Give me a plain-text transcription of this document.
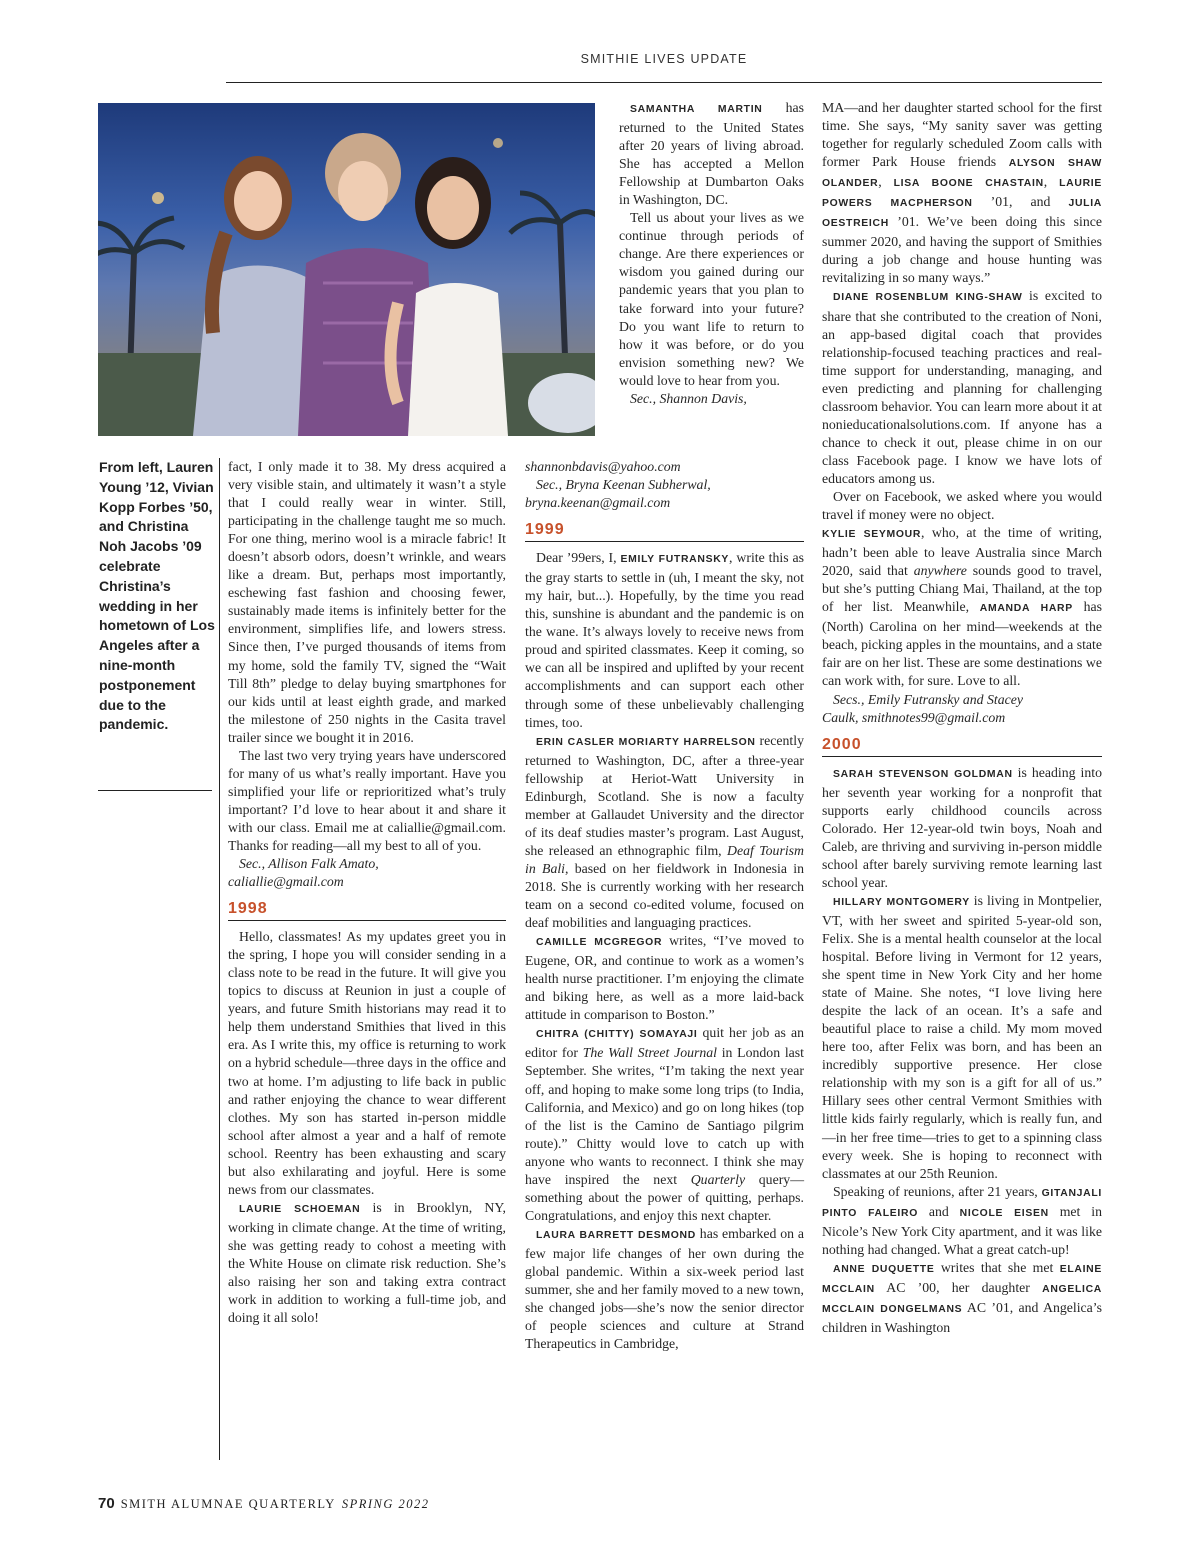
SMITHIE LIVES UPDATE
From left, Lauren Young ’12, Vivian Kopp Forbes ’50, and Christina Noh Jacobs ’09 celebrate Christina’s wedding in her hometown of Los Angeles after a nine-month postponement due to the pandemic.

fact, I only made it to 38. My dress acquired a very visible stain, and ultimately it wasn’t a style that I could really wear in winter. Still, participating in the challenge taught me so much. For one thing, merino wool is a miracle fabric! It doesn’t absorb odors, doesn’t wrinkle, and wears like a dream. But, perhaps most importantly, eschewing fast fashion and choosing fewer, sustainably made items is infinitely better for the environment, simplifies life, and lowers stress. Since then, I’ve purged thousands of items from my home, sold the family TV, signed the “Wait Till 8th” pledge to delay buying smartphones for our kids until at least eighth grade, and marked the milestone of 250 nights in the Casita travel trailer since we bought it in 2016.

The last two very trying years have underscored for many of us what’s really important. Have you simplified your life or reprioritized what’s truly important? I’d love to hear about it and share it with our class. Email me at caliallie@gmail.com. Thanks for reading—all my best to all of you.

Sec., Allison Falk Amato,

caliallie@gmail.com

1998

Hello, classmates! As my updates greet you in the spring, I hope you will consider sending in a class note to be read in the future. It will give you topics to discuss at Reunion in just a couple of years, and future Smith historians may read it to help them understand Smithies that lived in this era. As I write this, my office is returning to work on a hybrid schedule—three days in the office and two at home. I’m adjusting to life back in public and rather enjoying the chance to wear different clothes. My son has started in-person middle school after almost a year and a half of remote school. Reentry has been exhausting and scary but also exhilarating and joyful. Here is some news from our classmates.

LAURIE SCHOEMAN is in Brooklyn, NY, working in climate change. At the time of writing, she was getting ready to cohost a meeting with the White House on climate risk reduction. She’s also raising her son and taking extra contract work in addition to working a full-time job, and doing it all solo!

SAMANTHA MARTIN has returned to the United States after 20 years of living abroad. She has accepted a Mellon Fellowship at Dumbarton Oaks in Washington, DC.

Tell us about your lives as we continue through periods of change. Are there experiences or wisdom you gained during our pandemic years that you plan to take forward into your future? Do you want life to return to how it was before, or do you envision something new? We would love to hear from you.

Sec., Shannon Davis,

shannonbdavis@yahoo.com

Sec., Bryna Keenan Subherwal,

bryna.keenan@gmail.com

1999

Dear ’99ers, I, EMILY FUTRANSKY, write this as the gray starts to settle in (uh, I meant the sky, not my hair, but...). Hopefully, by the time you read this, sunshine is abundant and the pandemic is on the wane. It’s always lovely to receive news from proud and spirited classmates. Keep it coming, so we can all be inspired and uplifted by your recent accomplishments and can support each other through some of these unbelievably challenging times, too.

ERIN CASLER MORIARTY HARRELSON recently returned to Washington, DC, after a three-year fellowship at Heriot-Watt University in Edinburgh, Scotland. She is now a faculty member at Gallaudet University and the director of its deaf studies master’s program. Last August, she released an ethnographic film, Deaf Tourism in Bali, based on her fieldwork in Indonesia in 2018. She is currently working with her research team on a second co-edited volume, focused on deaf mobilities and languaging practices.

CAMILLE MCGREGOR writes, “I’ve moved to Eugene, OR, and continue to work as a women’s health nurse practitioner. I’m enjoying the climate and biking here, as well as a more laid-back attitude in comparison to Boston.”

CHITRA (CHITTY) SOMAYAJI quit her job as an editor for The Wall Street Journal in London last September. She writes, “I’m taking the next year off, and hoping to make some long trips (to India, California, and Mexico) and go on long hikes (top of the list is the Camino de Santiago pilgrim route).” Chitty would love to catch up with anyone who wants to reconnect. I think she may have inspired the next Quarterly query—something about the power of quitting, perhaps. Congratulations, and enjoy this next chapter.

LAURA BARRETT DESMOND has embarked on a few major life changes of her own during the global pandemic. Within a six-week period last summer, she and her family moved to a new town, she changed jobs—she’s now the senior director of people sciences and culture at Strand Therapeutics in Cambridge,

MA—and her daughter started school for the first time. She says, “My sanity saver was getting together for regularly scheduled Zoom calls with former Park House friends ALYSON SHAW OLANDER, LISA BOONE CHASTAIN, LAURIE POWERS MACPHERSON ’01, and JULIA OESTREICH ’01. We’ve been doing this since summer 2020, and having the support of Smithies during a job change and house hunting was revitalizing in so many ways.”

DIANE ROSENBLUM KING-SHAW is excited to share that she contributed to the creation of Noni, an app-based digital coach that provides relationship-focused teaching practices and real-time support for understanding, managing, and even predicting and planning for challenging classroom behavior. You can learn more about it at nonieducationalsolutions.com. If anyone has a chance to check it out, please chime in on our class Facebook page. I know we have lots of educators among us.

Over on Facebook, we asked where you would travel if money were no object.

KYLIE SEYMOUR, who, at the time of writing, hadn’t been able to leave Australia since March 2020, said that anywhere sounds good to travel, but she’s putting Chiang Mai, Thailand, at the top of her list. Meanwhile, AMANDA HARP has (North) Carolina on her mind—weekends at the beach, picking apples in the mountains, and a state fair are on her list. These are some destinations we can work with, for sure. Love to all.

Secs., Emily Futransky and Stacey

Caulk, smithnotes99@gmail.com

2000

SARAH STEVENSON GOLDMAN is heading into her seventh year working for a nonprofit that supports early childhood councils across Colorado. Her 12-year-old twin boys, Noah and Caleb, are thriving and surviving in-person middle school after barely surviving remote learning last school year.

HILLARY MONTGOMERY is living in Montpelier, VT, with her sweet and spirited 5-year-old son, Felix. She is a mental health counselor at the local hospital. Before living in Vermont for 12 years, she spent time in New York City and her home state of Maine. She notes, “I love living here despite the lack of an ocean. It’s a safe and beautiful place to raise a child. My mom moved here too, after Felix was born, and has been an incredibly supportive presence. Her close relationship with my son is a gift for all of us.” Hillary sees other central Vermont Smithies with little kids fairly regularly, which is really fun, and—in her free time—tries to get to a spinning class every week. She is hoping to reconnect with classmates at our 25th Reunion.

Speaking of reunions, after 21 years, GITANJALI PINTO FALEIRO and NICOLE EISEN met in Nicole’s New York City apartment, and it was like nothing had changed. What a great catch-up!

ANNE DUQUETTE writes that she met ELAINE MCCLAIN AC ’00, her daughter ANGELICA MCCLAIN DONGELMANS AC ’01, and Angelica’s children in Washington

70 SMITH ALUMNAE QUARTERLY SPRING 2022
